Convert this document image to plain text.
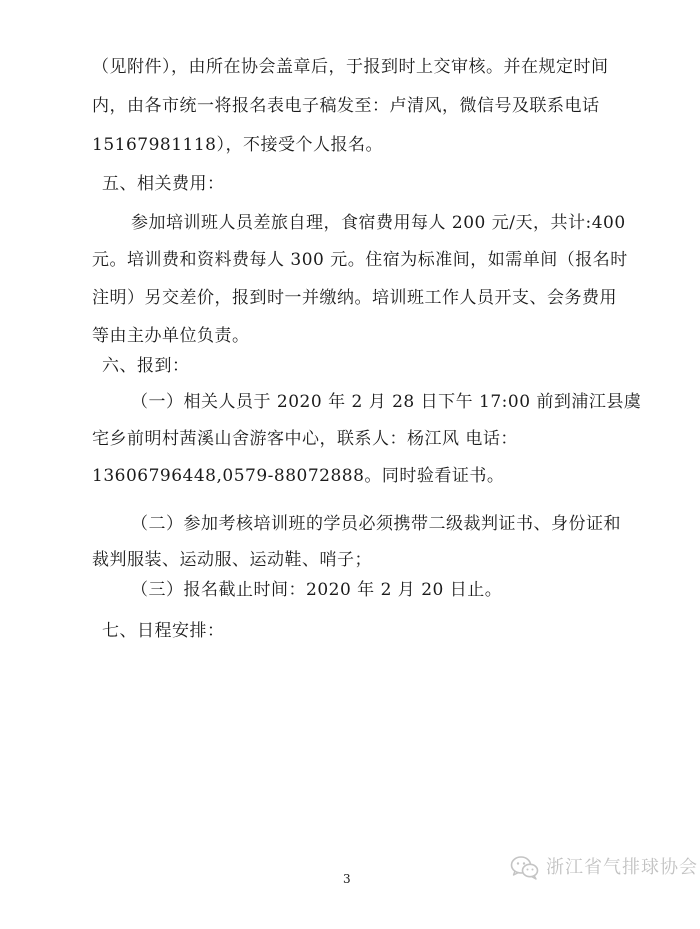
（见附件），由所在协会盖章后，于报到时上交审核。并在规定时间
内，由各市统一将报名表电子稿发至：卢清风，微信号及联系电话
15167981118），不接受个人报名。
五、相关费用：
参加培训班人员差旅自理，食宿费用每人 200 元/天，共计:400
元。培训费和资料费每人 300 元。住宿为标准间，如需单间（报名时
注明）另交差价，报到时一并缴纳。培训班工作人员开支、会务费用
等由主办单位负责。
六、报到：
（一）相关人员于 2020 年 2 月 28 日下午 17:00 前到浦江县虞
宅乡前明村茜溪山舍游客中心，联系人：杨江风 电话：
13606796448,0579-88072888。同时验看证书。
（二）参加考核培训班的学员必须携带二级裁判证书、身份证和
裁判服装、运动服、运动鞋、哨子；
（三）报名截止时间：2020 年 2 月 20 日止。
七、日程安排：
3
浙江省气排球协会
